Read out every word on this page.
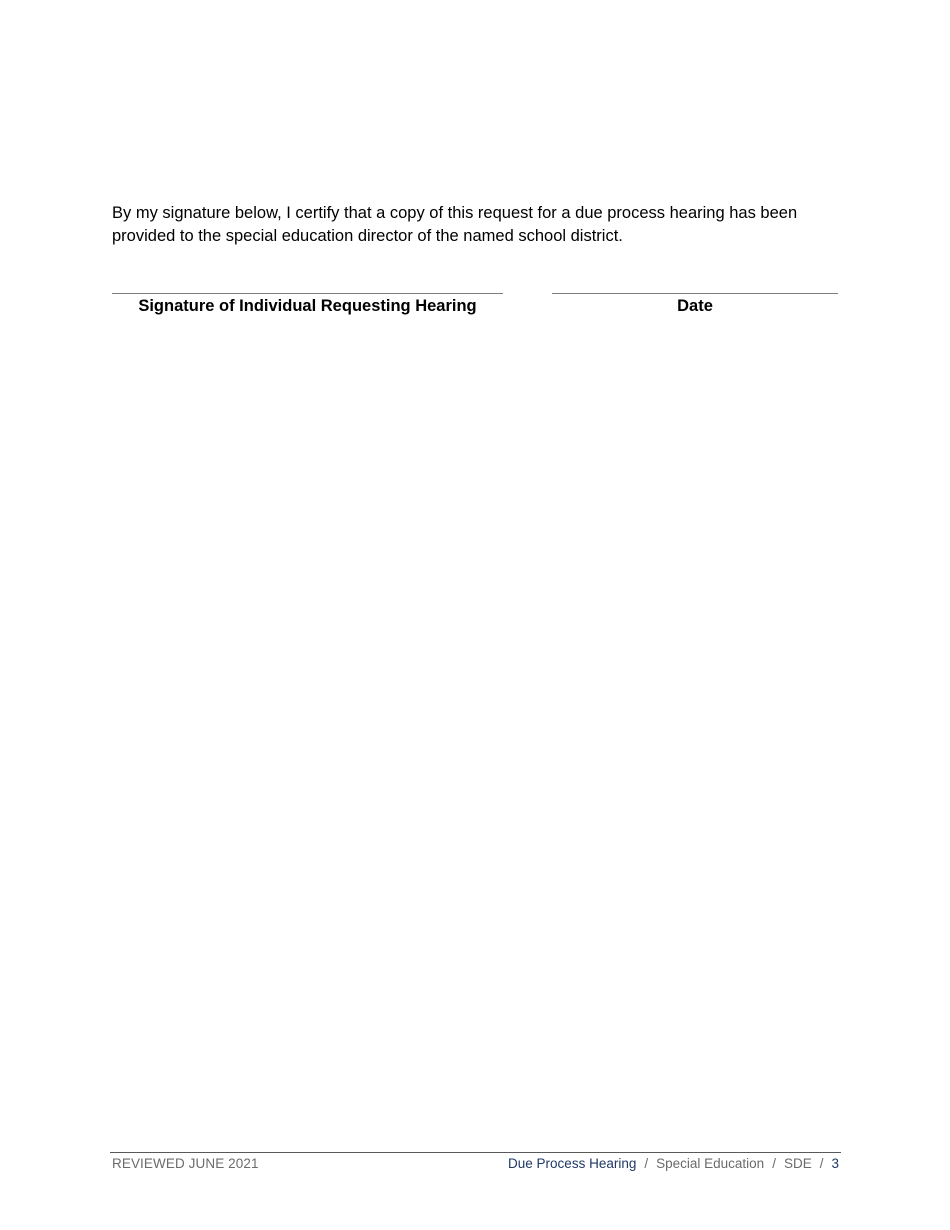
By my signature below, I certify that a copy of this request for a due process hearing has been provided to the special education director of the named school district.

Signature of Individual Requesting Hearing	Date
REVIEWED JUNE 2021	Due Process Hearing / Special Education / SDE / 3
